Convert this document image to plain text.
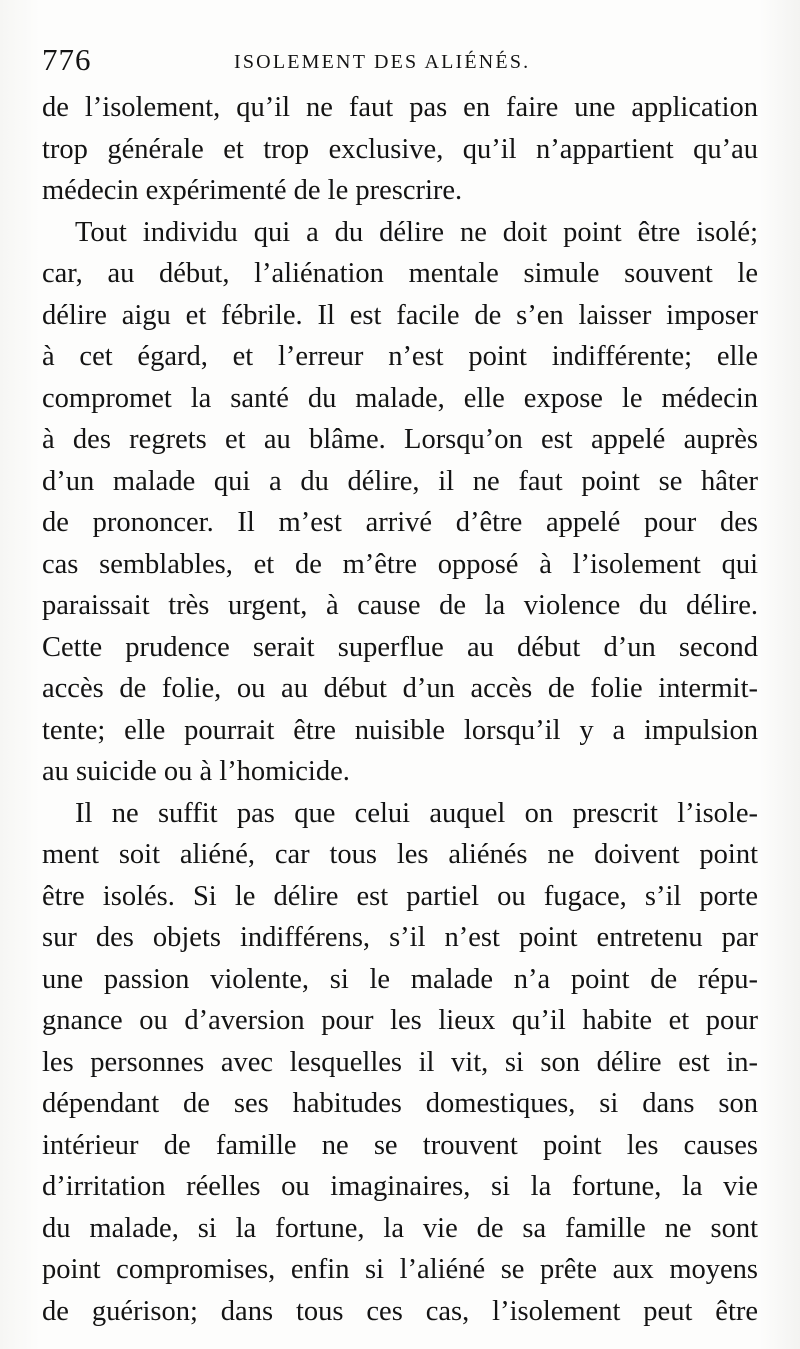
776	ISOLEMENT DES ALIÉNÉS.
de l’isolement, qu’il ne faut pas en faire une application
trop générale et trop exclusive, qu’il n’appartient qu’au
médecin expérimenté de le prescrire.
Tout individu qui a du délire ne doit point être isolé;
car, au début, l’aliénation mentale simule souvent le
délire aigu et fébrile. Il est facile de s’en laisser imposer
à cet égard, et l’erreur n’est point indifférente; elle
compromet la santé du malade, elle expose le médecin
à des regrets et au blâme. Lorsqu’on est appelé auprès
d’un malade qui a du délire, il ne faut point se hâter
de prononcer. Il m’est arrivé d’être appelé pour des
cas semblables, et de m’être opposé à l’isolement qui
paraissait très urgent, à cause de la violence du délire.
Cette prudence serait superflue au début d’un second
accès de folie, ou au début d’un accès de folie intermit-
tente; elle pourrait être nuisible lorsqu’il y a impulsion
au suicide ou à l’homicide.
Il ne suffit pas que celui auquel on prescrit l’isole-
ment soit aliéné, car tous les aliénés ne doivent point
être isolés. Si le délire est partiel ou fugace, s’il porte
sur des objets indifférens, s’il n’est point entretenu par
une passion violente, si le malade n’a point de répu-
gnance ou d’aversion pour les lieux qu’il habite et pour
les personnes avec lesquelles il vit, si son délire est in-
dépendant de ses habitudes domestiques, si dans son
intérieur de famille ne se trouvent point les causes
d’irritation réelles ou imaginaires, si la fortune, la vie
du malade, si la fortune, la vie de sa famille ne sont
point compromises, enfin si l’aliéné se prête aux moyens
de guérison; dans tous ces cas, l’isolement peut être
